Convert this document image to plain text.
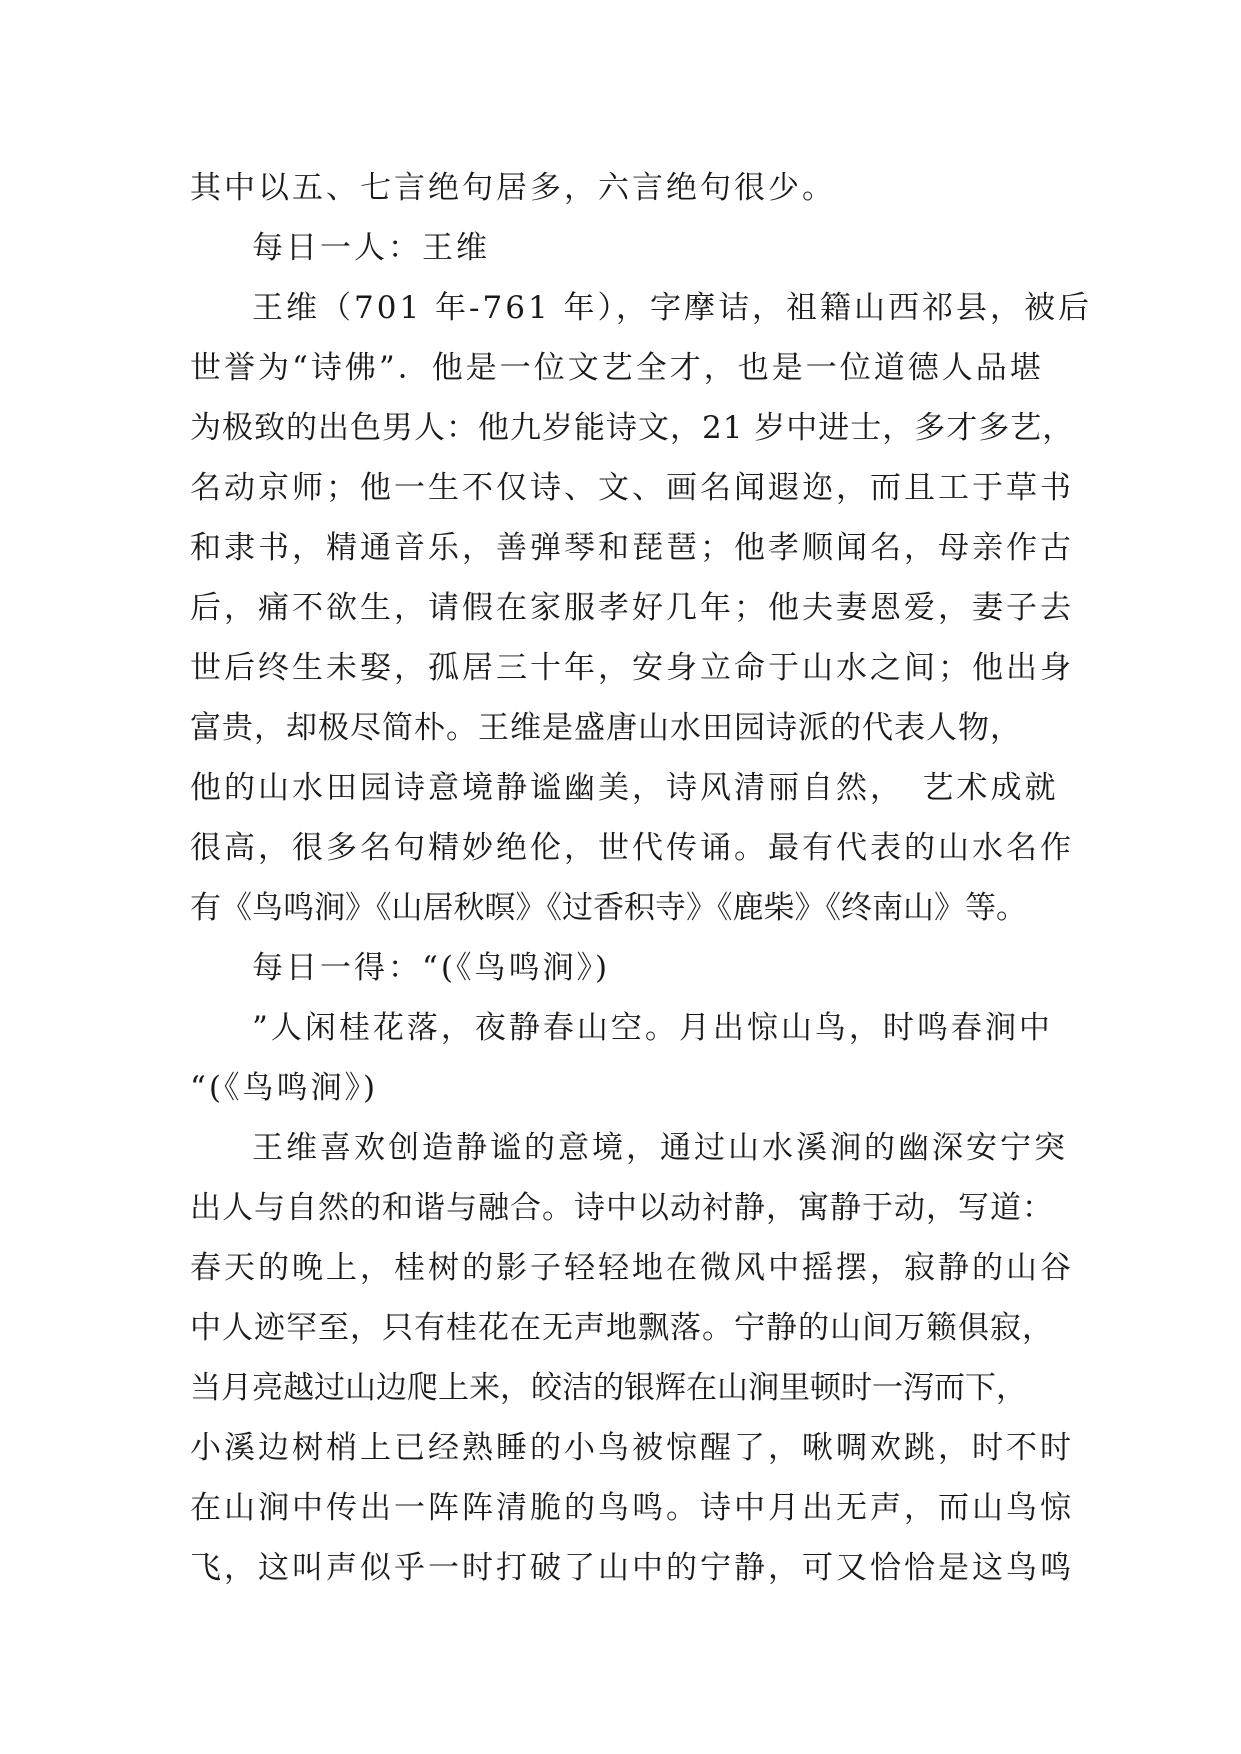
其中以五、七言绝句居多，六言绝句很少。
每日一人：王维
王维（701 年-761 年），字摩诘，祖籍山西祁县，被后
世誉为“诗佛”．他是一位文艺全才，也是一位道德人品堪
为极致的出色男人：他九岁能诗文，21 岁中进士，多才多艺，
名动京师；他一生不仅诗、文、画名闻遐迩，而且工于草书
和隶书，精通音乐，善弹琴和琵琶；他孝顺闻名，母亲作古
后，痛不欲生，请假在家服孝好几年；他夫妻恩爱，妻子去
世后终生未娶，孤居三十年，安身立命于山水之间；他出身
富贵，却极尽简朴。王维是盛唐山水田园诗派的代表人物，
他的山水田园诗意境静谧幽美，诗风清丽自然，　艺术成就
很高，很多名句精妙绝伦，世代传诵。最有代表的山水名作
有《鸟鸣涧》《山居秋暝》《过香积寺》《鹿柴》《终南山》等。
每日一得：“(《鸟鸣涧》)
”人闲桂花落，夜静春山空。月出惊山鸟，时鸣春涧中
“(《鸟鸣涧》)
王维喜欢创造静谧的意境，通过山水溪涧的幽深安宁突
出人与自然的和谐与融合。诗中以动衬静，寓静于动，写道：
春天的晚上，桂树的影子轻轻地在微风中摇摆，寂静的山谷
中人迹罕至，只有桂花在无声地飘落。宁静的山间万籁俱寂，
当月亮越过山边爬上来，皎洁的银辉在山涧里顿时一泻而下，
小溪边树梢上已经熟睡的小鸟被惊醒了，啾啁欢跳，时不时
在山涧中传出一阵阵清脆的鸟鸣。诗中月出无声，而山鸟惊
飞，这叫声似乎一时打破了山中的宁静，可又恰恰是这鸟鸣
